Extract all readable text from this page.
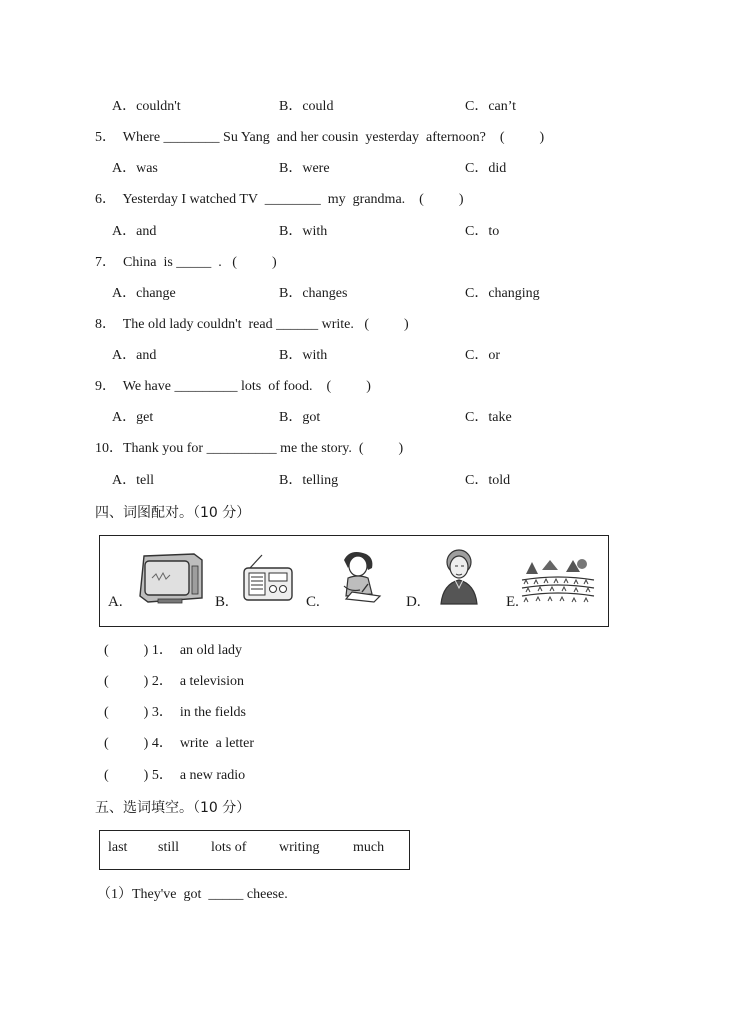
A．couldn't	B．could	C．can’t
5．  Where ________ Su Yang  and her cousin  yesterday  afternoon?    (          )
A．was	B．were	C．did
6．  Yesterday I watched TV  ________  my  grandma.    (          )
A．and	B．with	C．to
7．  China  is _____  .   (          )
A．change	B．changes	C．changing
8．  The old lady couldn't  read ______ write.   (          )
A．and	B．with	C．or
9．  We have _________ lots  of food.    (          )
A．get	B．got	C．take
10．Thank you for __________ me the story.  (          )
A．tell	B．telling	C．told
四、词图配对。（10 分）
A.	B.	C.	D.	E.
(          ) 1．  an old lady
(          ) 2．  a television
(          ) 3．  in the fields
(          ) 4．  write  a letter
(          ) 5．  a new radio
五、选词填空。（10 分）
last still lots of writing much
（1）They've  got  _____ cheese.
